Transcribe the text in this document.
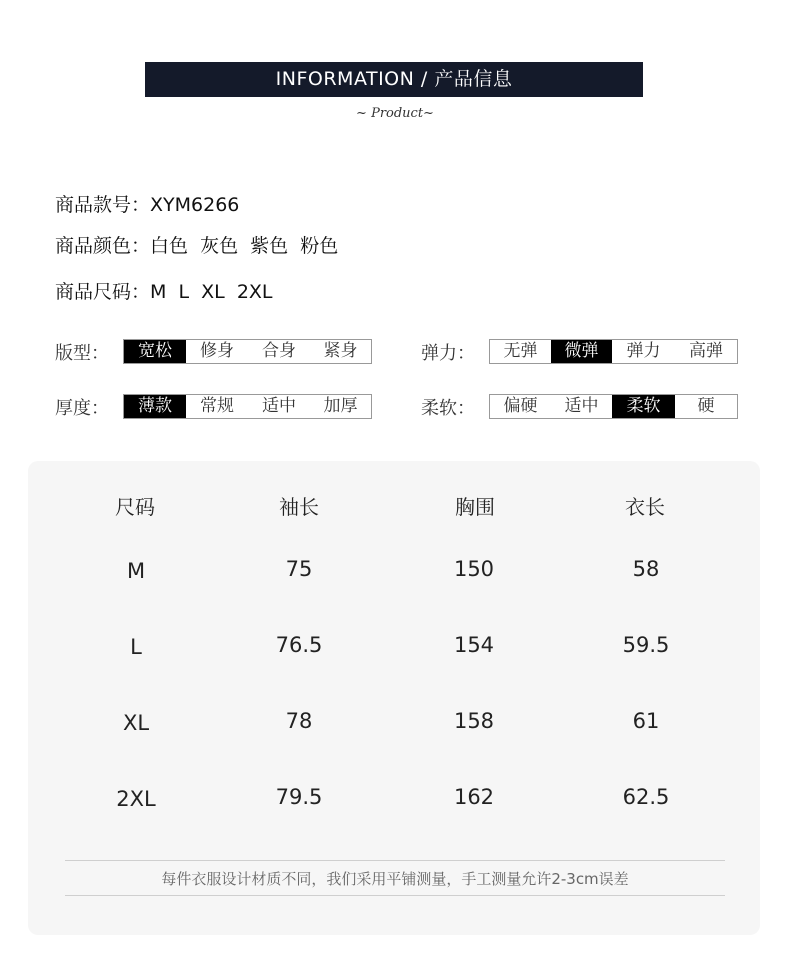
INFORMATION / 产品信息
~ Product~
商品款号：XYM6266
商品颜色：白色  灰色  紫色  粉色
商品尺码：M  L  XL  2XL
版型：	宽松	修身	合身	紧身	弹力：	无弹	微弹	弹力	高弹
厚度：	薄款	常规	适中	加厚	柔软：	偏硬	适中	柔软	硬
尺码	袖长	胸围	衣长
M	75	150	58
L	76.5	154	59.5
XL	78	158	61
2XL	79.5	162	62.5
每件衣服设计材质不同，我们采用平铺测量，手工测量允许2-3cm误差
